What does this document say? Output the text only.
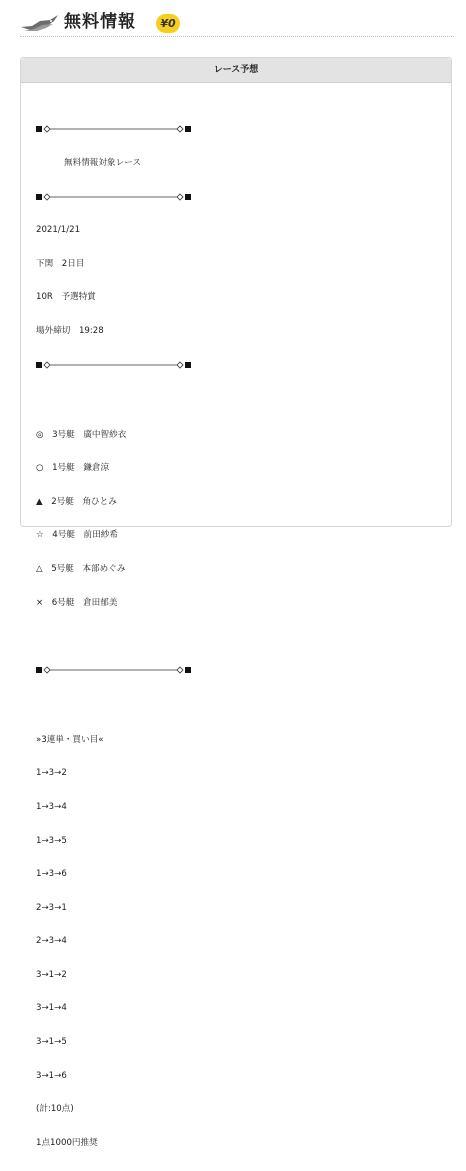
無料情報	¥0
レース予想

無料情報対象レース

2021/1/21

下関　2日目

10R　予選特賞

場外締切　19:28

◎　3号艇　廣中智紗衣

○　1号艇　鎌倉涼

▲　2号艇　角ひとみ

☆　4号艇　前田紗希

△　5号艇　本部めぐみ

×　6号艇　倉田郁美

»3連単・買い目«

1→3→2

1→3→4

1→3→5

1→3→6

2→3→1

2→3→4

3→1→2

3→1→4

3→1→5

3→1→6

(計:10点)

1点1000円推奨
